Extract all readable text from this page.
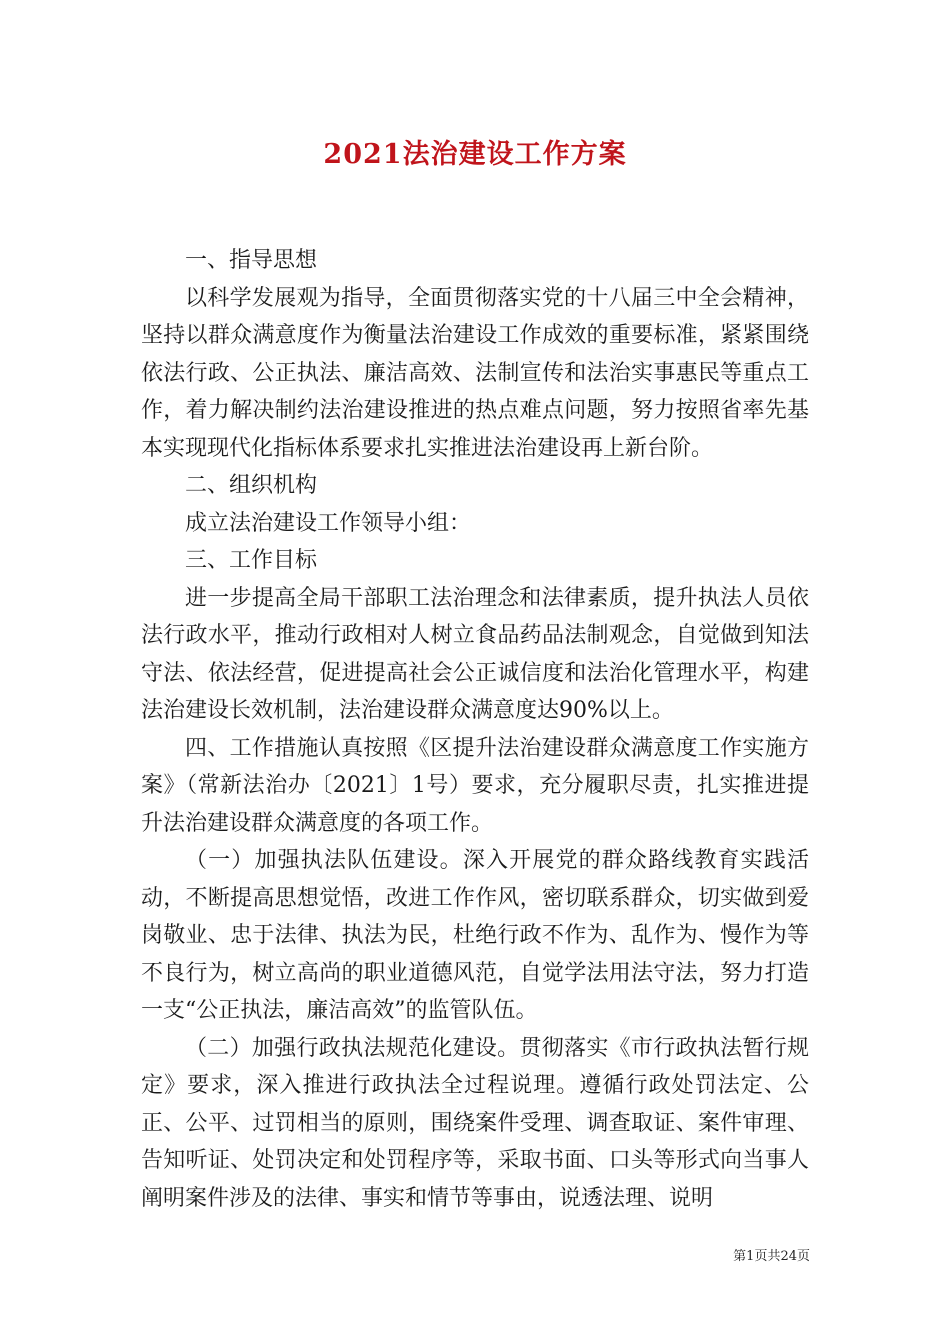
2021法治建设工作方案

一、指导思想

以科学发展观为指导，全面贯彻落实党的十八届三中全会精神，坚持以群众满意度作为衡量法治建设工作成效的重要标准，紧紧围绕依法行政、公正执法、廉洁高效、法制宣传和法治实事惠民等重点工作，着力解决制约法治建设推进的热点难点问题，努力按照省率先基本实现现代化指标体系要求扎实推进法治建设再上新台阶。

二、组织机构

成立法治建设工作领导小组：

三、工作目标

进一步提高全局干部职工法治理念和法律素质，提升执法人员依法行政水平，推动行政相对人树立食品药品法制观念，自觉做到知法守法、依法经营，促进提高社会公正诚信度和法治化管理水平，构建法治建设长效机制，法治建设群众满意度达90%以上。

四、工作措施认真按照《区提升法治建设群众满意度工作实施方案》（常新法治办〔2021〕1号）要求，充分履职尽责，扎实推进提升法治建设群众满意度的各项工作。

（一）加强执法队伍建设。深入开展党的群众路线教育实践活动，不断提高思想觉悟，改进工作作风，密切联系群众，切实做到爱岗敬业、忠于法律、执法为民，杜绝行政不作为、乱作为、慢作为等不良行为，树立高尚的职业道德风范，自觉学法用法守法，努力打造一支“公正执法，廉洁高效”的监管队伍。

（二）加强行政执法规范化建设。贯彻落实《市行政执法暂行规定》要求，深入推进行政执法全过程说理。遵循行政处罚法定、公正、公平、过罚相当的原则，围绕案件受理、调查取证、案件审理、告知听证、处罚决定和处罚程序等，采取书面、口头等形式向当事人阐明案件涉及的法律、事实和情节等事由，说透法理、说明

第1页共24页
